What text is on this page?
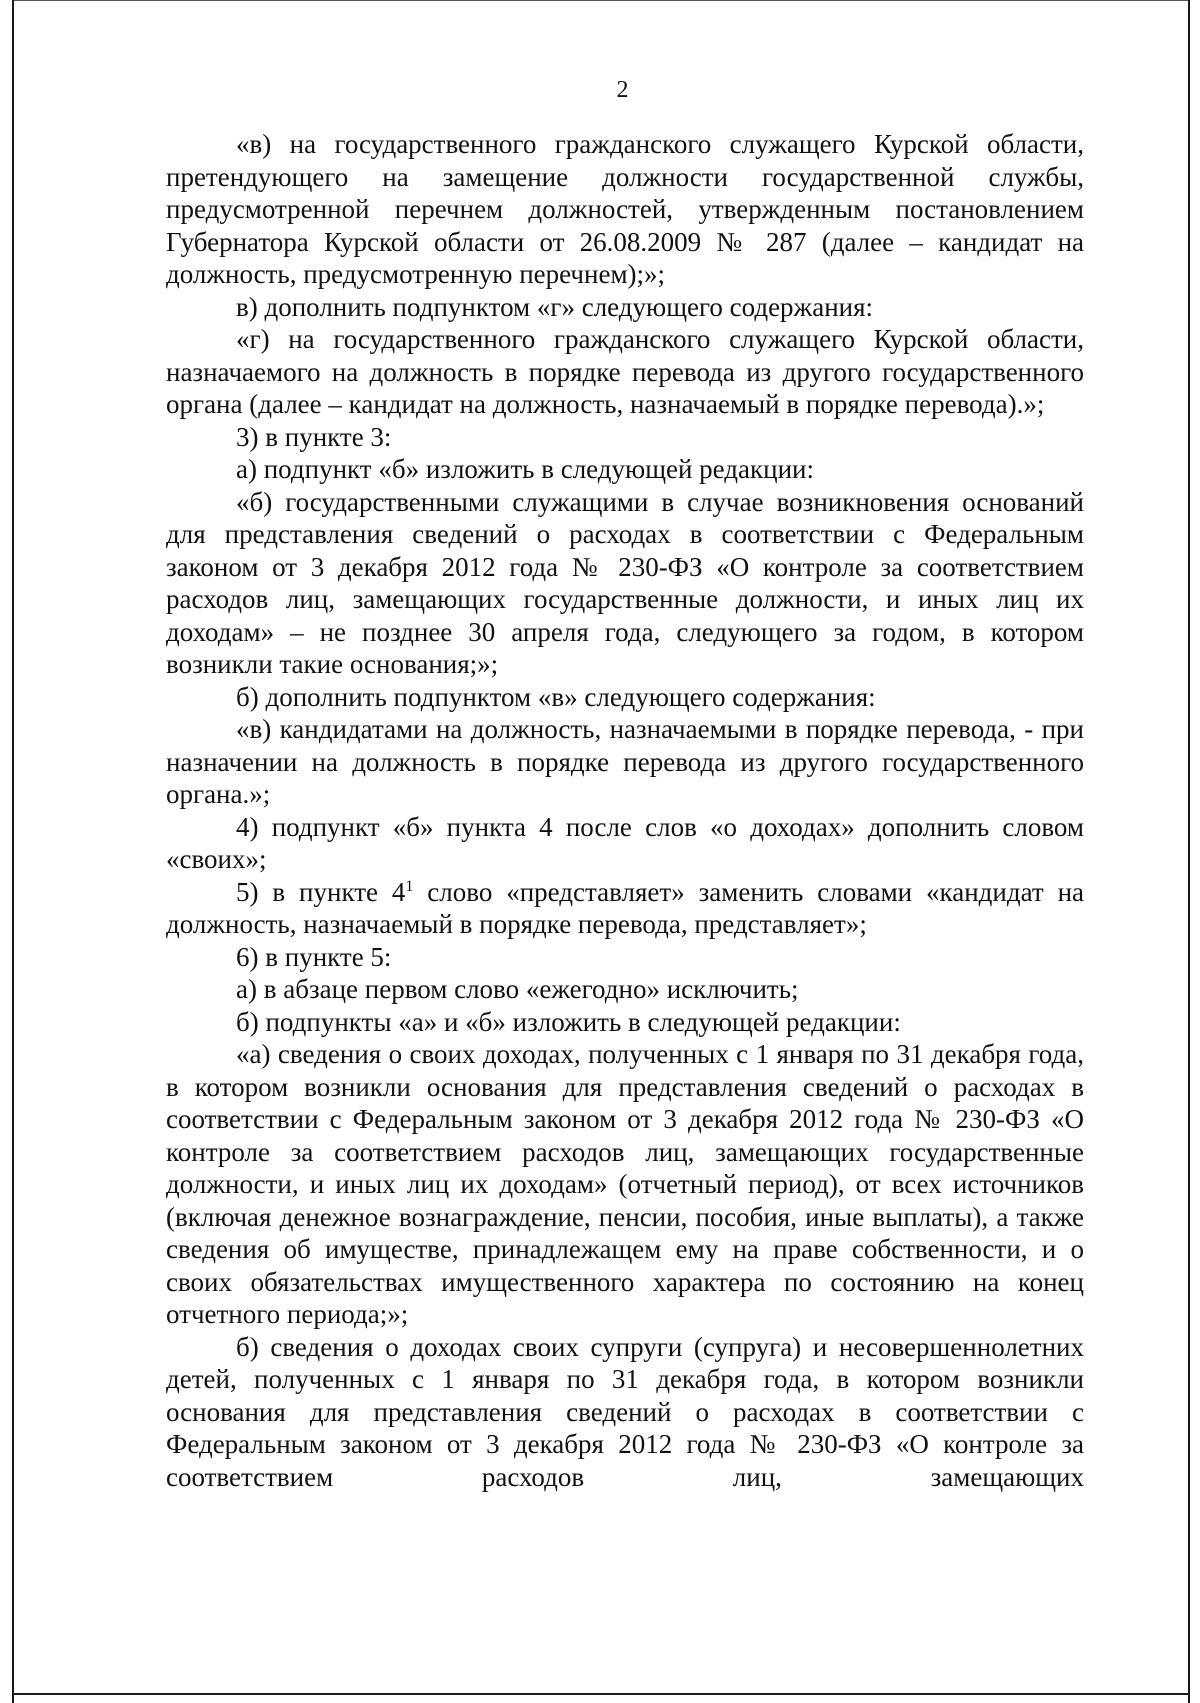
2

«в) на государственного гражданского служащего Курской области, претендующего на замещение должности государственной службы, предусмотренной перечнем должностей, утвержденным постановлением Губернатора Курской области от 26.08.2009 № 287 (далее – кандидат на должность, предусмотренную перечнем);»;

в) дополнить подпунктом «г» следующего содержания:

«г) на государственного гражданского служащего Курской области, назначаемого на должность в порядке перевода из другого государственного органа (далее – кандидат на должность, назначаемый в порядке перевода).»;

3) в пункте 3:

а) подпункт «б» изложить в следующей редакции:

«б) государственными служащими в случае возникновения оснований для представления сведений о расходах в соответствии с Федеральным законом от 3 декабря 2012 года № 230-ФЗ «О контроле за соответствием расходов лиц, замещающих государственные должности, и иных лиц их доходам» – не позднее 30 апреля года, следующего за годом, в котором возникли такие основания;»;

б) дополнить подпунктом «в» следующего содержания:

«в) кандидатами на должность, назначаемыми в порядке перевода, - при назначении на должность в порядке перевода из другого государственного органа.»;

4) подпункт «б» пункта 4 после слов «о доходах» дополнить словом «своих»;

5) в пункте $4^1$ слово «представляет» заменить словами «кандидат на должность, назначаемый в порядке перевода, представляет»;

6) в пункте 5:

а) в абзаце первом слово «ежегодно» исключить;

б) подпункты «а» и «б» изложить в следующей редакции:

«а) сведения о своих доходах, полученных с 1 января по 31 декабря года, в котором возникли основания для представления сведений о расходах в соответствии с Федеральным законом от 3 декабря 2012 года № 230-ФЗ «О контроле за соответствием расходов лиц, замещающих государственные должности, и иных лиц их доходам» (отчетный период), от всех источников (включая денежное вознаграждение, пенсии, пособия, иные выплаты), а также сведения об имуществе, принадлежащем ему на праве собственности, и о своих обязательствах имущественного характера по состоянию на конец отчетного периода;»;

б) сведения о доходах своих супруги (супруга) и несовершеннолетних детей, полученных с 1 января по 31 декабря года, в котором возникли основания для представления сведений о расходах в соответствии с Федеральным законом от 3 декабря 2012 года № 230-ФЗ «О контроле за соответствием расходов лиц, замещающих
